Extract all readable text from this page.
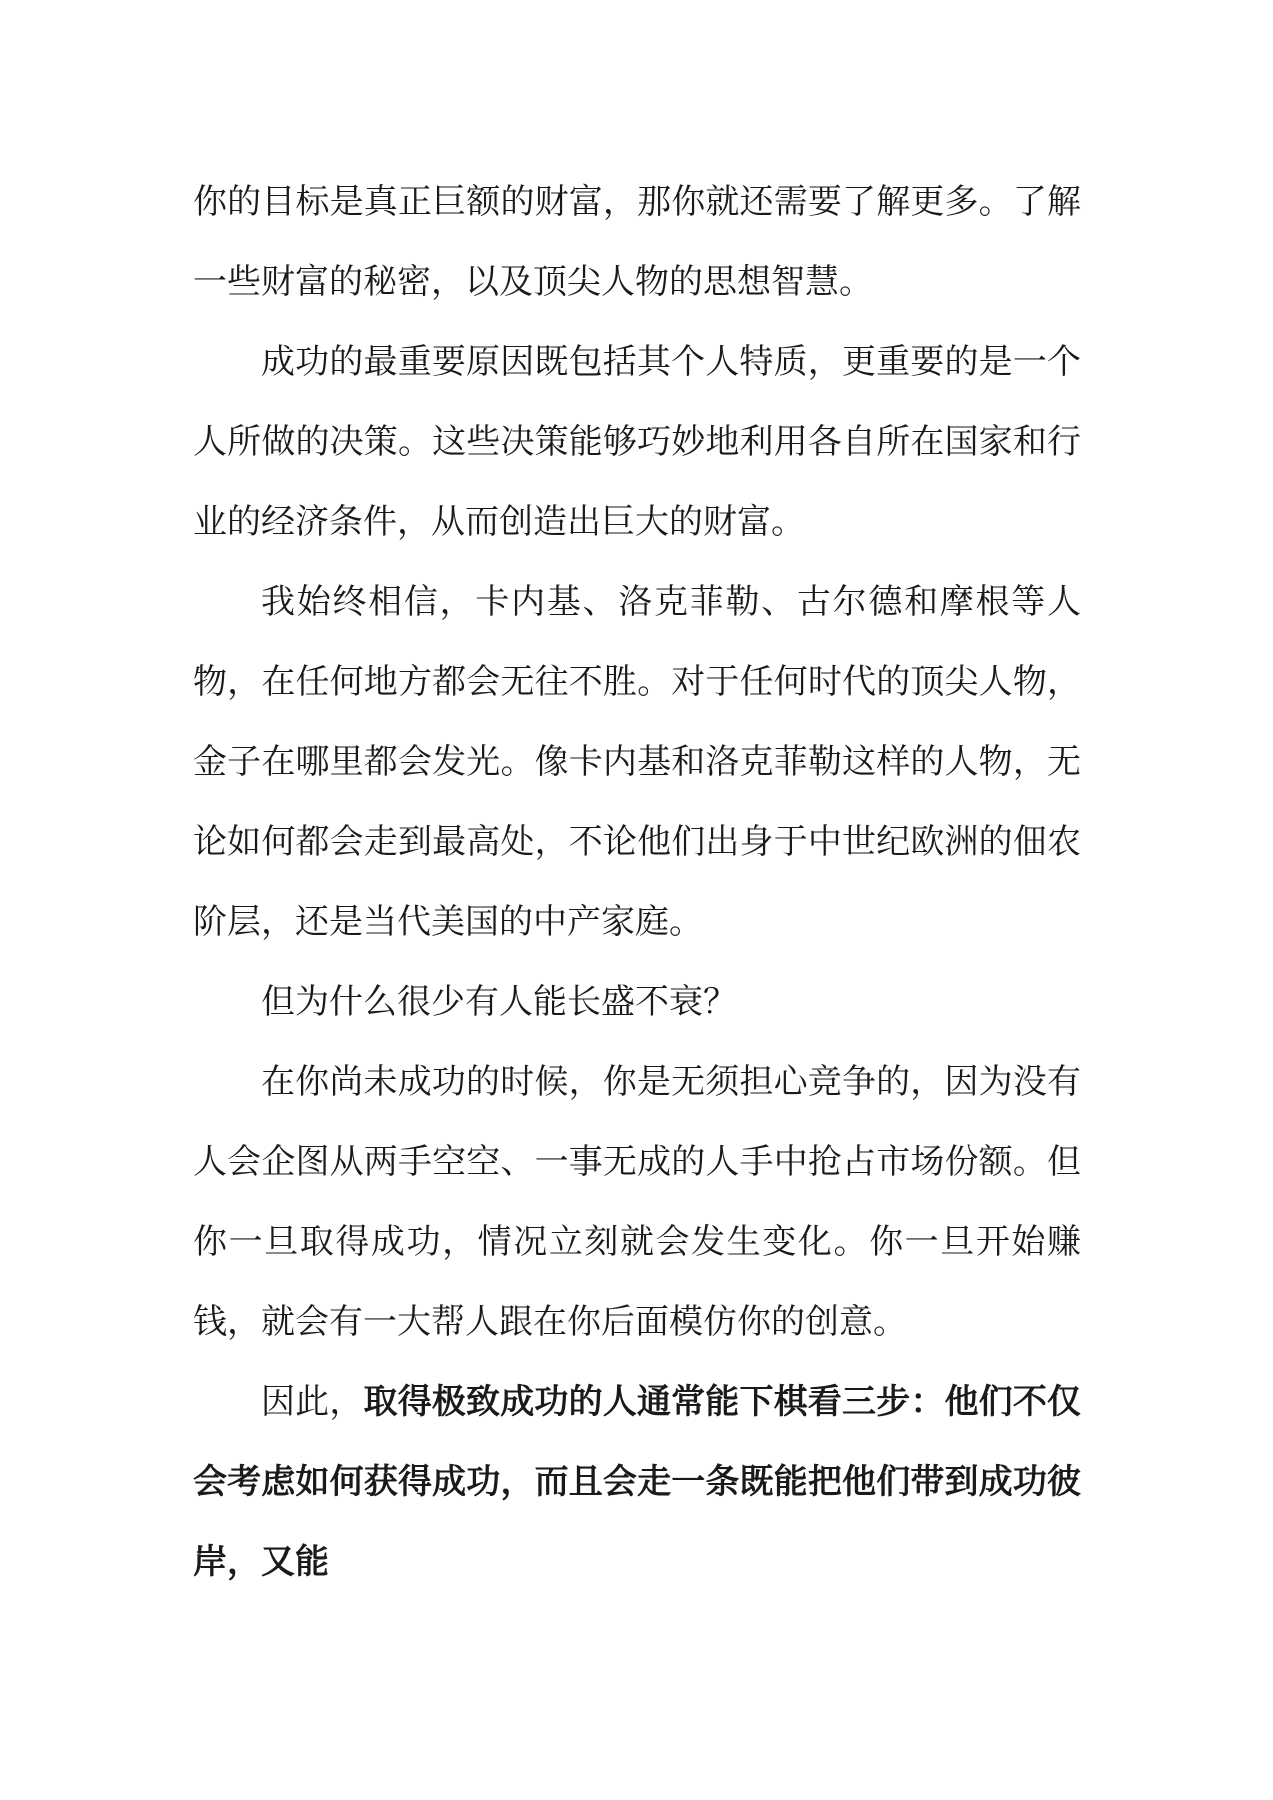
你的目标是真正巨额的财富，那你就还需要了解更多。了解一些财富的秘密，以及顶尖人物的思想智慧。

成功的最重要原因既包括其个人特质，更重要的是一个人所做的决策。这些决策能够巧妙地利用各自所在国家和行业的经济条件，从而创造出巨大的财富。

我始终相信，卡内基、洛克菲勒、古尔德和摩根等人物，在任何地方都会无往不胜。对于任何时代的顶尖人物，金子在哪里都会发光。像卡内基和洛克菲勒这样的人物，无论如何都会走到最高处，不论他们出身于中世纪欧洲的佃农阶层，还是当代美国的中产家庭。

但为什么很少有人能长盛不衰？

在你尚未成功的时候，你是无须担心竞争的，因为没有人会企图从两手空空、一事无成的人手中抢占市场份额。但你一旦取得成功，情况立刻就会发生变化。你一旦开始赚钱，就会有一大帮人跟在你后面模仿你的创意。

因此，取得极致成功的人通常能下棋看三步：他们不仅会考虑如何获得成功，而且会走一条既能把他们带到成功彼岸，又能
